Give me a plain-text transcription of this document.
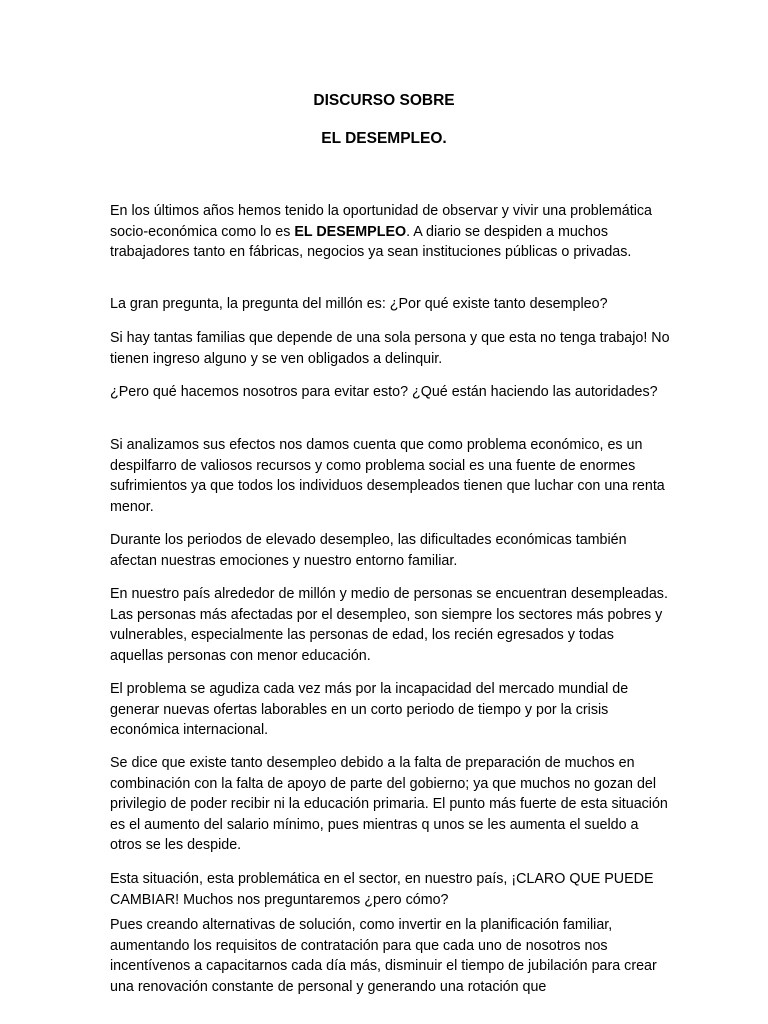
DISCURSO SOBRE
EL DESEMPLEO.

En los últimos años hemos tenido la oportunidad de observar y vivir una problemática socio-económica como lo es EL DESEMPLEO. A diario se despiden a muchos trabajadores tanto en fábricas, negocios ya sean instituciones públicas o privadas.

La gran pregunta, la pregunta del millón es: ¿Por qué existe tanto desempleo?

Si hay tantas familias que depende de una sola persona y que esta no tenga trabajo! No tienen ingreso alguno y se ven obligados a delinquir.

¿Pero qué hacemos nosotros para evitar esto? ¿Qué están haciendo las autoridades?

Si analizamos sus efectos nos damos cuenta que como problema económico, es un despilfarro de valiosos recursos y como problema social es una fuente de enormes sufrimientos ya que todos los individuos desempleados tienen que luchar con una renta menor.

Durante los periodos de elevado desempleo, las dificultades económicas también afectan nuestras emociones y nuestro entorno familiar.

En nuestro país alrededor de millón y medio de personas se encuentran desempleadas. Las personas más afectadas por el desempleo, son siempre los sectores más pobres y vulnerables, especialmente las personas de edad, los recién egresados y todas aquellas personas con menor educación.

El problema se agudiza cada vez más por la incapacidad del mercado mundial de generar nuevas ofertas laborables en un corto periodo de tiempo y por la crisis económica internacional.

Se dice que existe tanto desempleo debido a la falta de preparación de muchos en combinación con la falta de apoyo de parte del gobierno; ya que muchos no gozan del privilegio de poder recibir ni la educación primaria. El punto más fuerte de esta situación es el aumento del salario mínimo, pues mientras q unos se les aumenta el sueldo a otros se les despide.

Esta situación, esta problemática en el sector, en nuestro país, ¡CLARO QUE PUEDE CAMBIAR! Muchos nos preguntaremos ¿pero cómo?

Pues creando alternativas de solución, como invertir en la planificación familiar, aumentando los requisitos de contratación para que cada uno de nosotros nos incentívenos a capacitarnos cada día más, disminuir el tiempo de jubilación para crear una renovación constante de personal y generando una rotación que
